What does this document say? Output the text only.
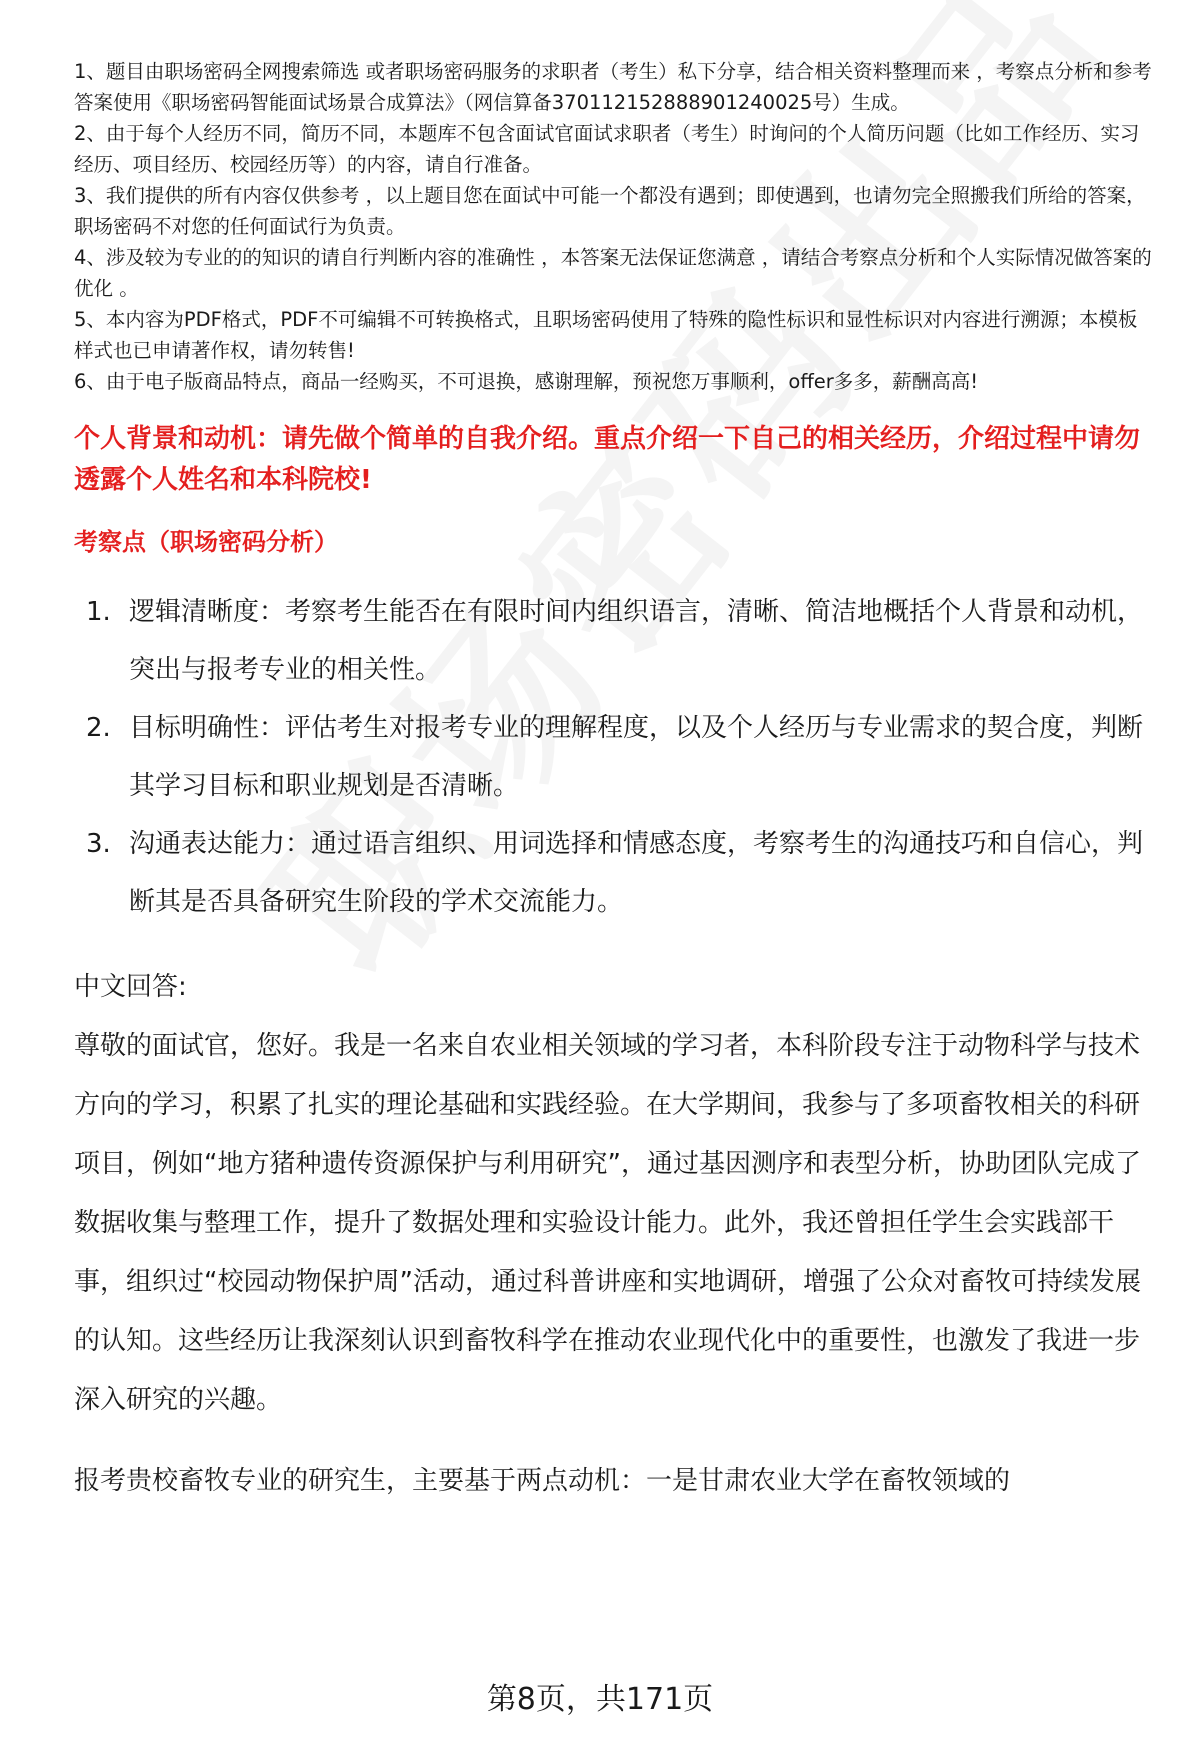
1、题目由职场密码全网搜索筛选 或者职场密码服务的求职者（考生）私下分享，结合相关资料整理而来 ，考察点分析和参考答案使用《职场密码智能面试场景合成算法》（网信算备370112152888901240025号）生成。

2、由于每个人经历不同，简历不同，本题库不包含面试官面试求职者（考生）时询问的个人简历问题（比如工作经历、实习经历、项目经历、校园经历等）的内容，请自行准备。

3、我们提供的所有内容仅供参考 ，以上题目您在面试中可能一个都没有遇到；即使遇到，也请勿完全照搬我们所给的答案，职场密码不对您的任何面试行为负责。

4、涉及较为专业的的知识的请自行判断内容的准确性 ，本答案无法保证您满意 ，请结合考察点分析和个人实际情况做答案的优化 。

5、本内容为PDF格式，PDF不可编辑不可转换格式，且职场密码使用了特殊的隐性标识和显性标识对内容进行溯源；本模板样式也已申请著作权，请勿转售!

6、由于电子版商品特点，商品一经购买，不可退换，感谢理解，预祝您万事顺利，offer多多，薪酬高高!

个人背景和动机：请先做个简单的自我介绍。重点介绍一下自己的相关经历，介绍过程中请勿透露个人姓名和本科院校!
考察点（职场密码分析）
1. 逻辑清晰度：考察考生能否在有限时间内组织语言，清晰、简洁地概括个人背景和动机，突出与报考专业的相关性。
2. 目标明确性：评估考生对报考专业的理解程度，以及个人经历与专业需求的契合度，判断其学习目标和职业规划是否清晰。
3. 沟通表达能力：通过语言组织、用词选择和情感态度，考察考生的沟通技巧和自信心，判断其是否具备研究生阶段的学术交流能力。
中文回答:

尊敬的面试官，您好。我是一名来自农业相关领域的学习者，本科阶段专注于动物科学与技术方向的学习，积累了扎实的理论基础和实践经验。在大学期间，我参与了多项畜牧相关的科研项目，例如“地方猪种遗传资源保护与利用研究”，通过基因测序和表型分析，协助团队完成了数据收集与整理工作，提升了数据处理和实验设计能力。此外，我还曾担任学生会实践部干事，组织过“校园动物保护周”活动，通过科普讲座和实地调研，增强了公众对畜牧可持续发展的认知。这些经历让我深刻认识到畜牧科学在推动农业现代化中的重要性，也激发了我进一步深入研究的兴趣。

报考贵校畜牧专业的研究生，主要基于两点动机：一是甘肃农业大学在畜牧领域的

第8页，共171页
